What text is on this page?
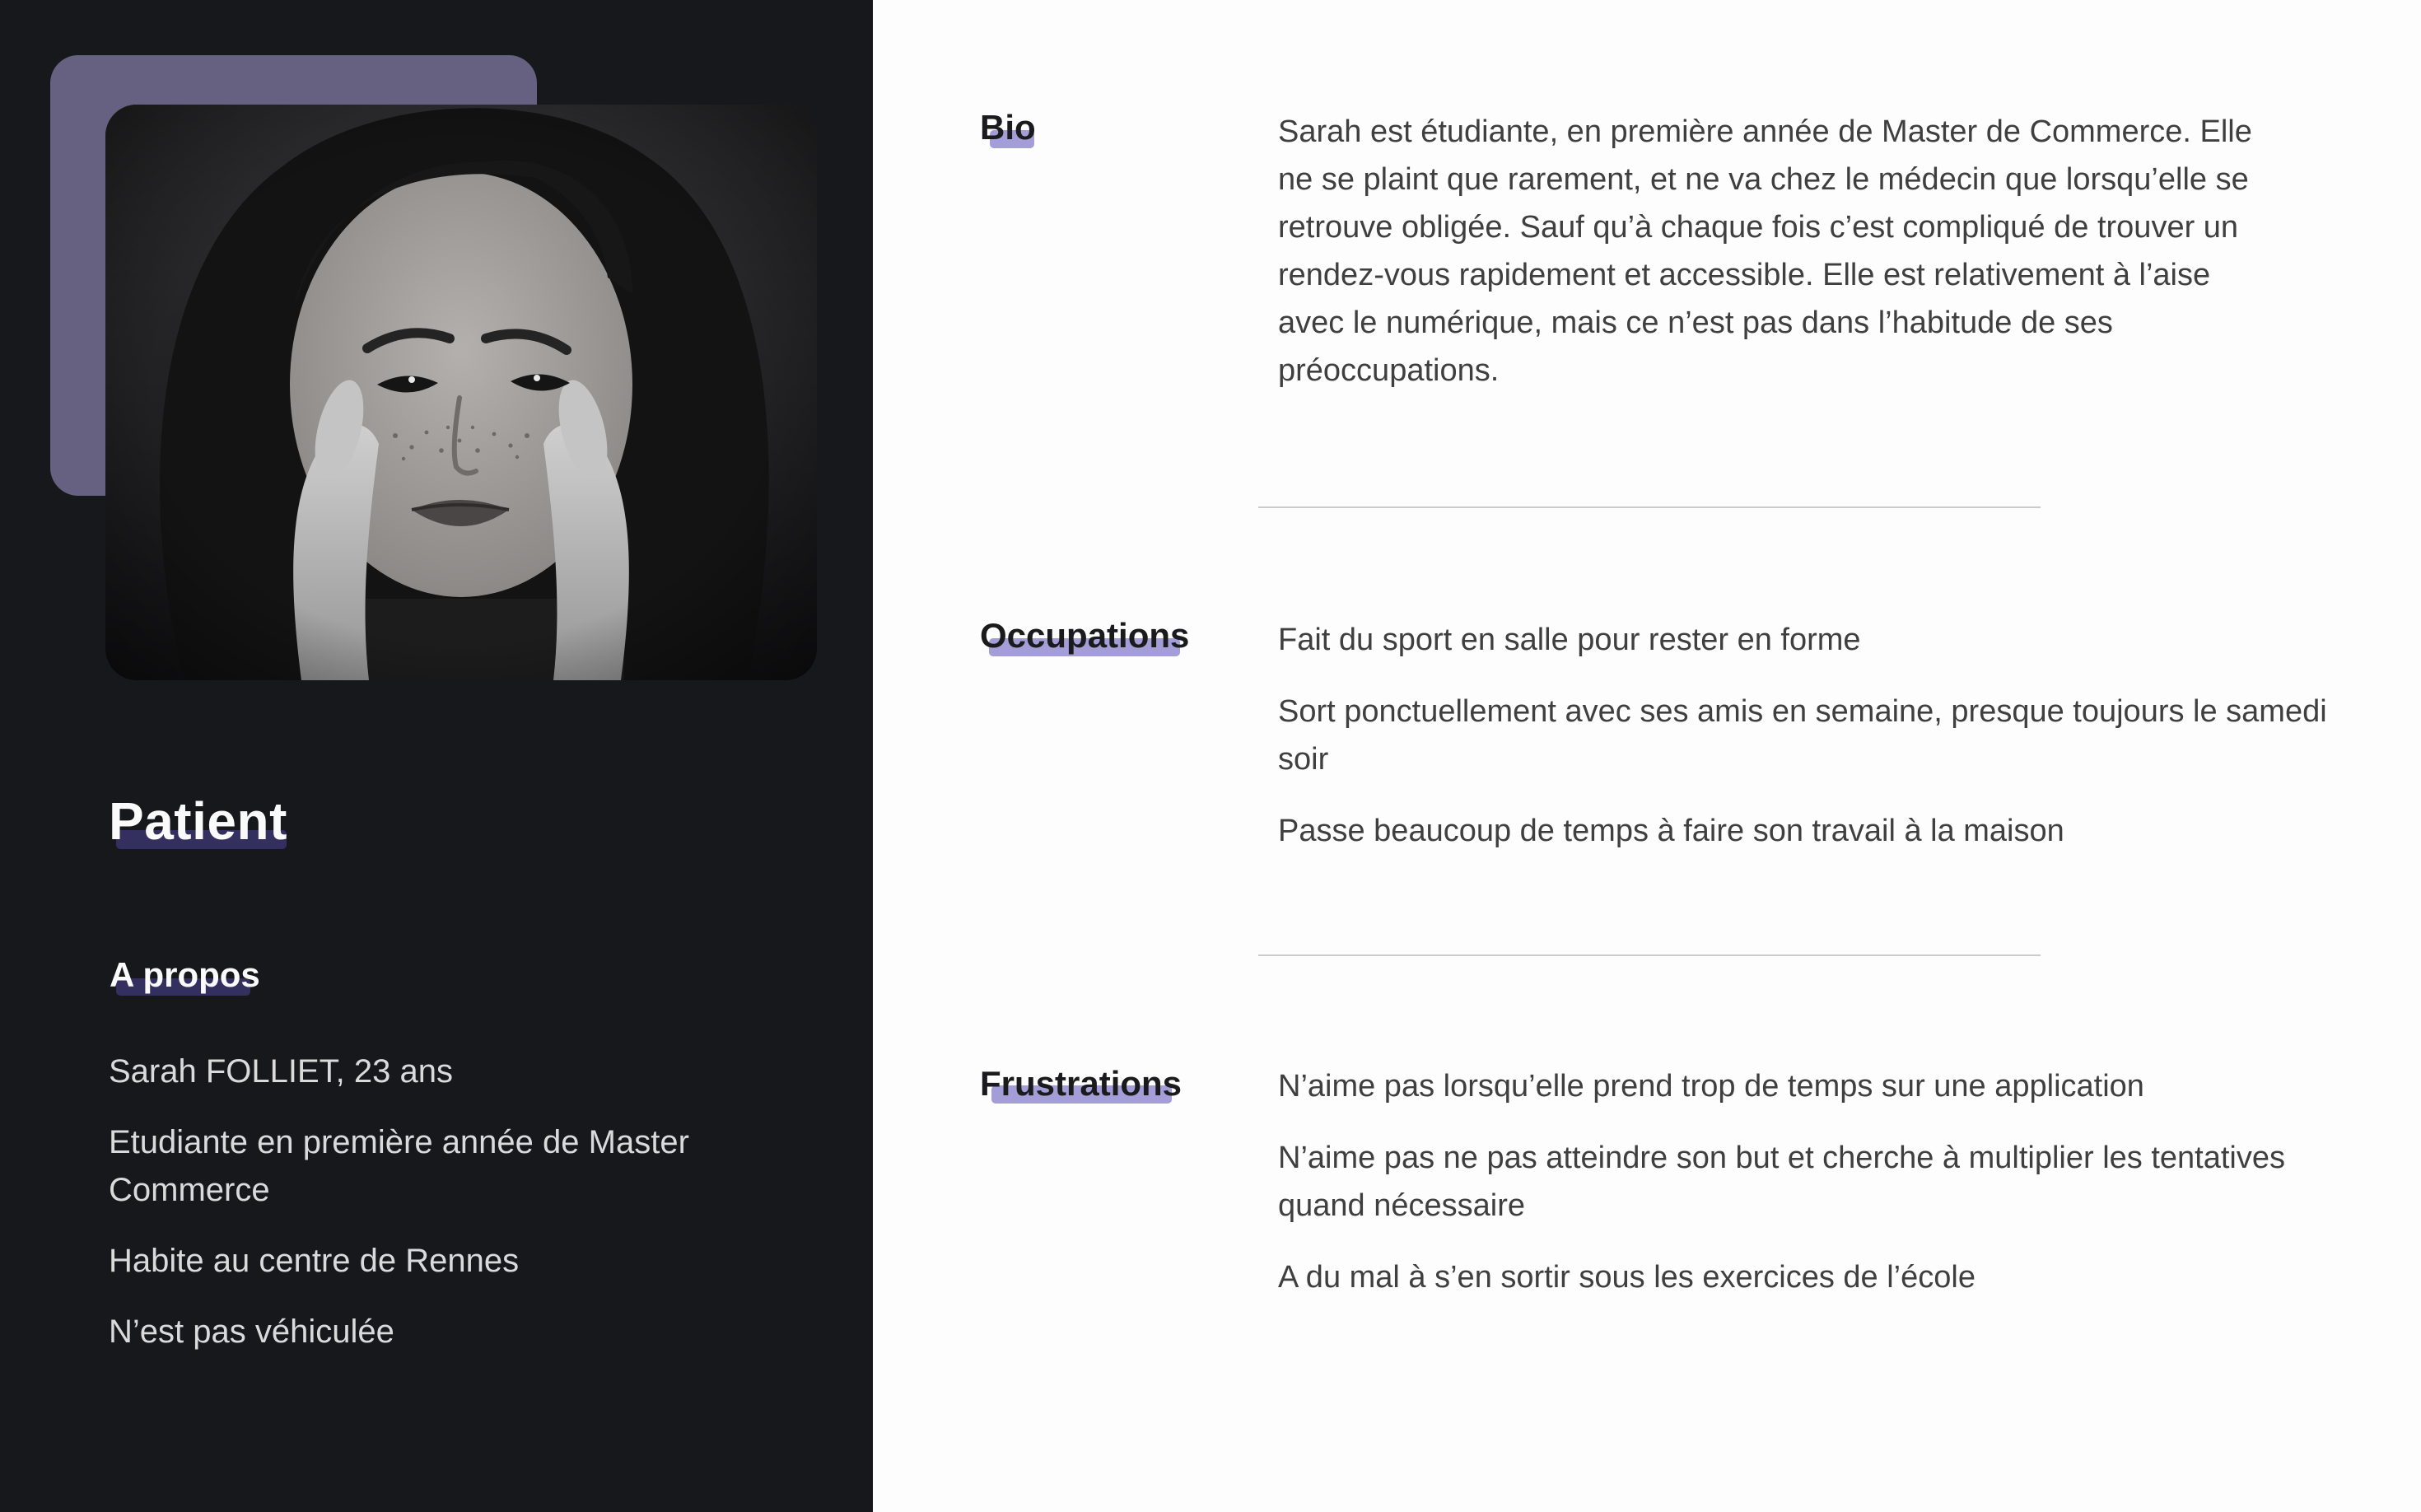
Patient
A propos
Sarah FOLLIET, 23 ans
Etudiante en première année de Master Commerce
Habite au centre de Rennes
N’est pas véhiculée
Bio	Sarah est étudiante, en première année de Master de Commerce. Elle
ne se plaint que rarement, et ne va chez le médecin que lorsqu’elle se
retrouve obligée. Sauf qu’à chaque fois c’est compliqué de trouver un
rendez-vous rapidement et accessible. Elle est relativement à l’aise
avec le numérique, mais ce n’est pas dans l’habitude de ses
préoccupations.
Occupations	Fait du sport en salle pour rester en forme
Sort ponctuellement avec ses amis en semaine, presque toujours le samedi soir
Passe beaucoup de temps à faire son travail à la maison
Frustrations	N’aime pas lorsqu’elle prend trop de temps sur une application
N’aime pas ne pas atteindre son but et cherche à multiplier les tentatives quand nécessaire
A du mal à s’en sortir sous les exercices de l’école
